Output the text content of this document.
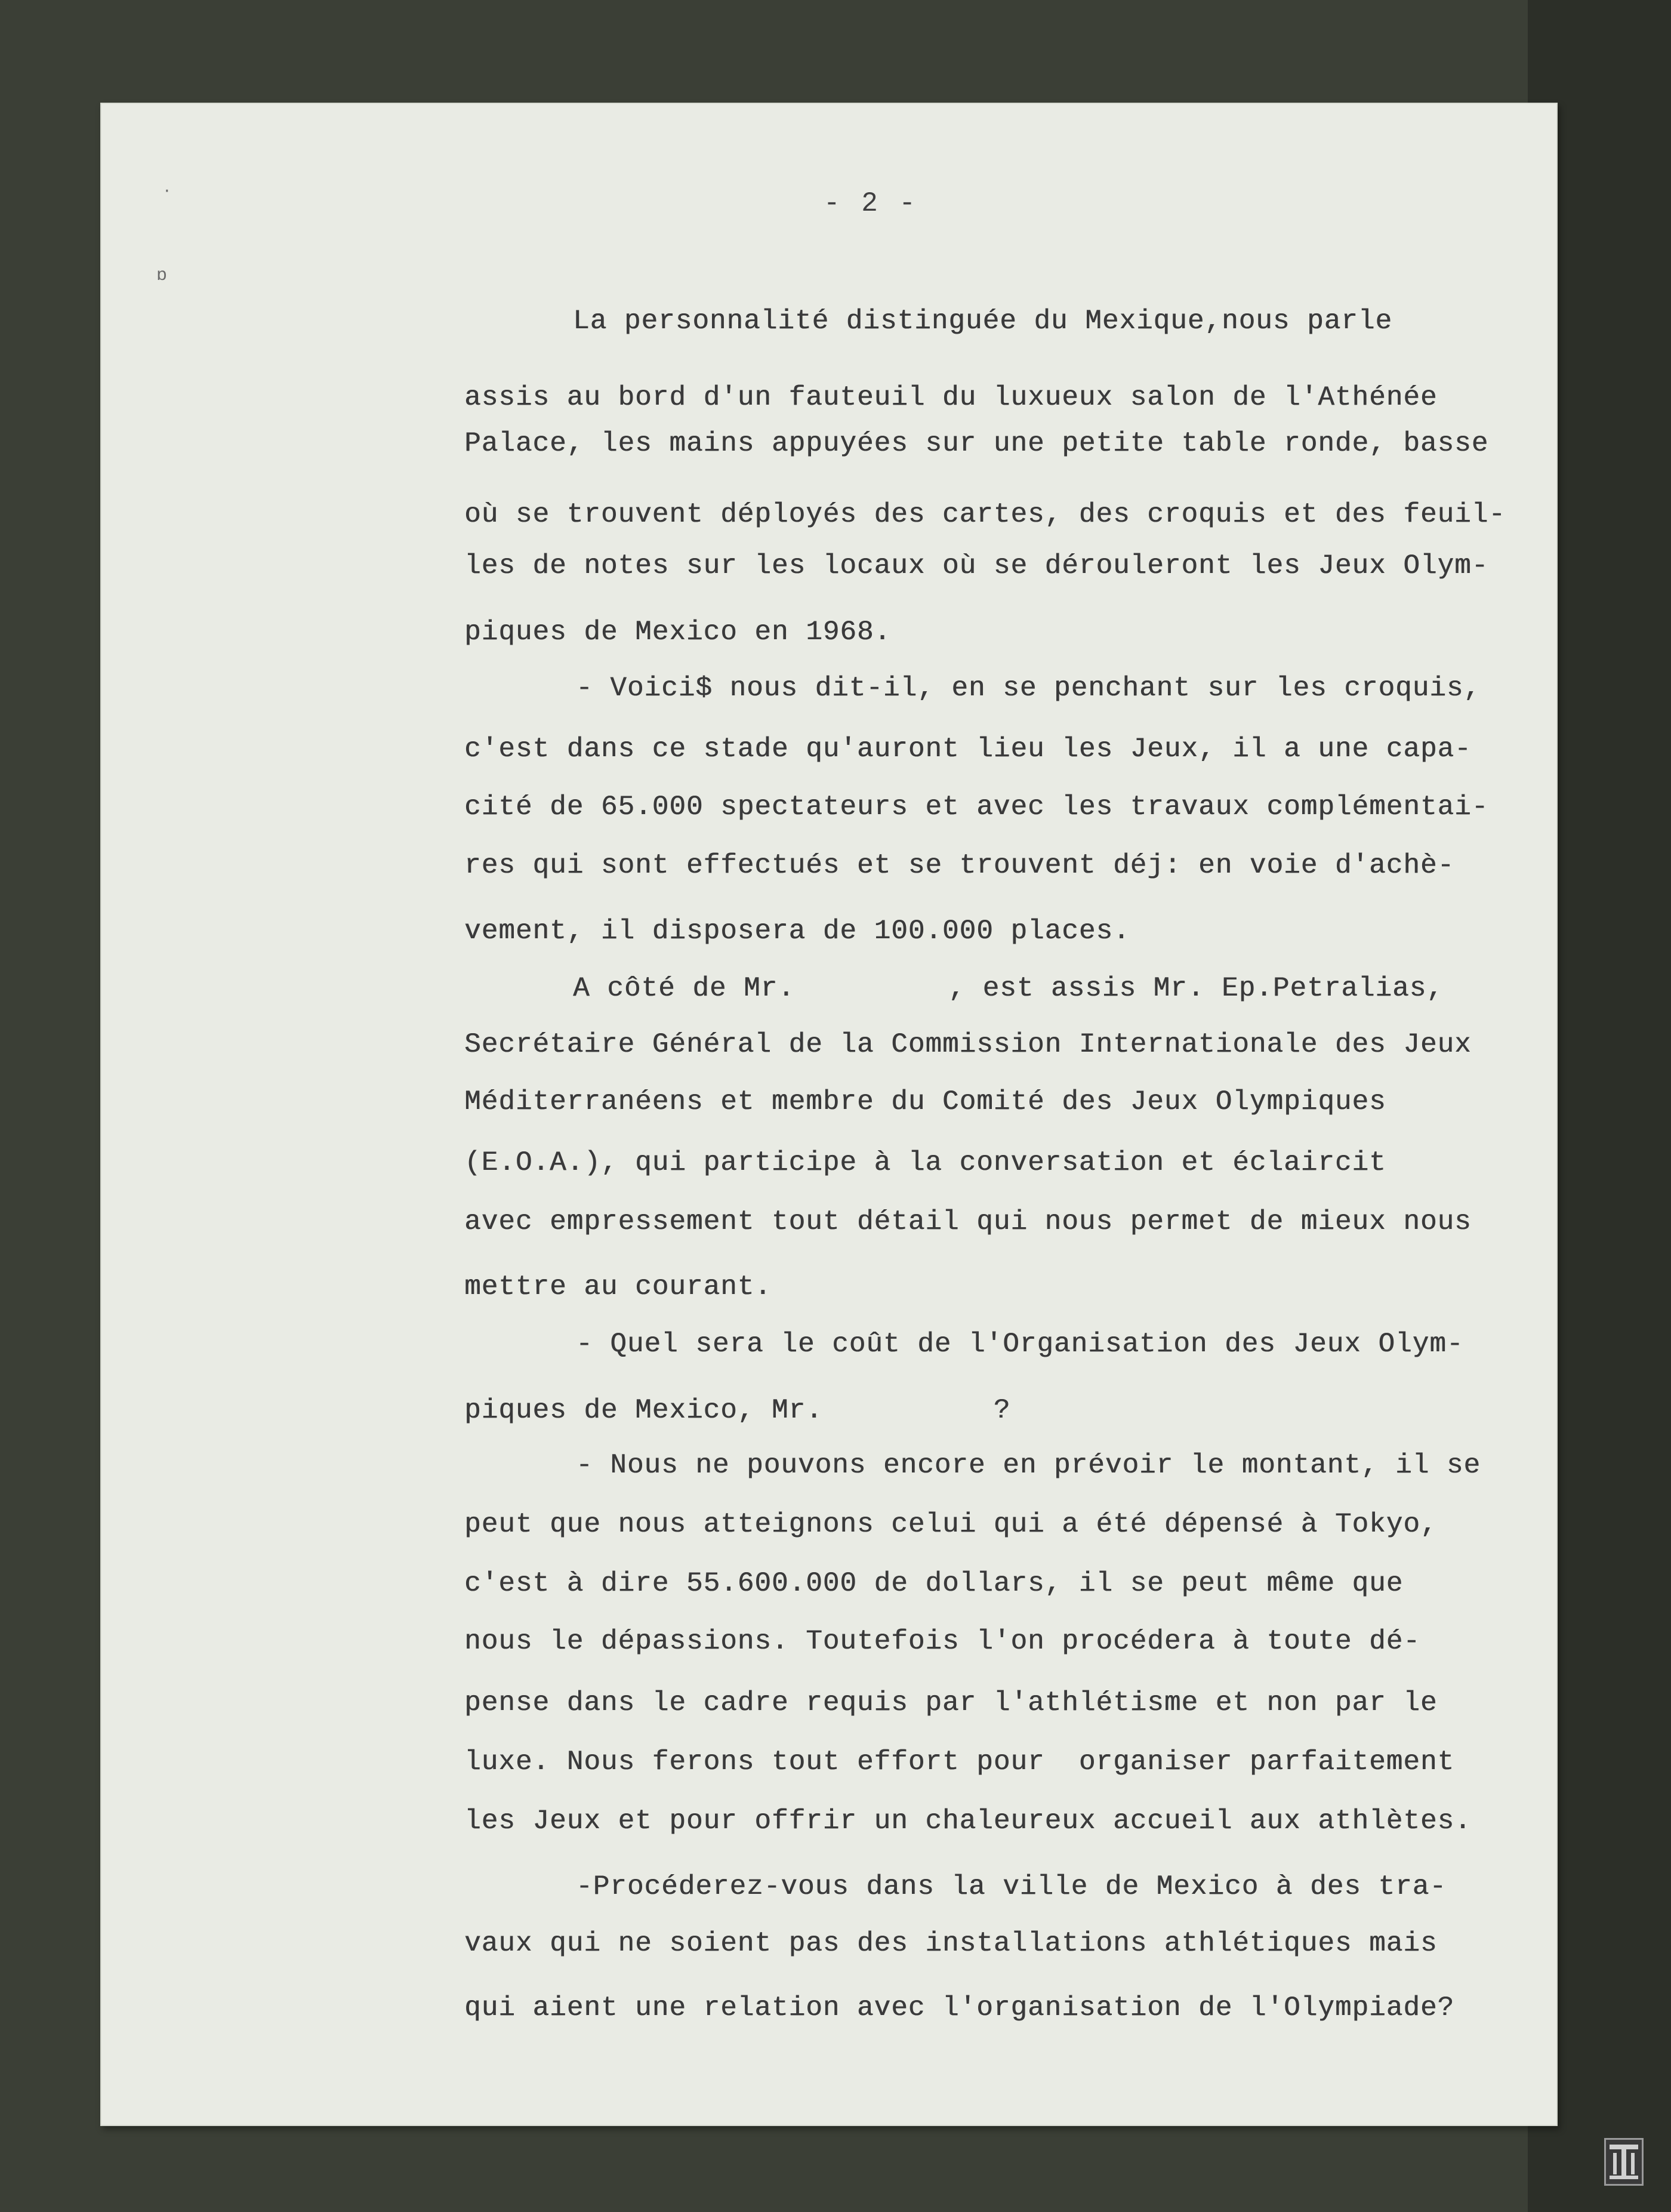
·
ɒ
- 2 -
La personnalité distinguée du Mexique,nous parle
assis au bord d'un fauteuil du luxueux salon de l'Athénée
Palace, les mains appuyées sur une petite table ronde, basse
où se trouvent déployés des cartes, des croquis et des feuil-
les de notes sur les locaux où se dérouleront les Jeux Olym-
piques de Mexico en 1968.
- Voici$ nous dit-il, en se penchant sur les croquis,
c'est dans ce stade qu'auront lieu les Jeux, il a une capa-
cité de 65.000 spectateurs et avec les travaux complémentai-
res qui sont effectués et se trouvent déj: en voie d'achè-
vement, il disposera de 100.000 places.
A côté de Mr.         , est assis Mr. Ep.Petralias,
Secrétaire Général de la Commission Internationale des Jeux
Méditerranéens et membre du Comité des Jeux Olympiques
(E.O.A.), qui participe à la conversation et éclaircit
avec empressement tout détail qui nous permet de mieux nous
mettre au courant.
- Quel sera le coût de l'Organisation des Jeux Olym-
piques de Mexico, Mr.          ?
- Nous ne pouvons encore en prévoir le montant, il se
peut que nous atteignons celui qui a été dépensé à Tokyo,
c'est à dire 55.600.000 de dollars, il se peut même que
nous le dépassions. Toutefois l'on procédera à toute dé-
pense dans le cadre requis par l'athlétisme et non par le
luxe. Nous ferons tout effort pour  organiser parfaitement
les Jeux et pour offrir un chaleureux accueil aux athlètes.
-Procéderez-vous dans la ville de Mexico à des tra-
vaux qui ne soient pas des installations athlétiques mais
qui aient une relation avec l'organisation de l'Olympiade?
